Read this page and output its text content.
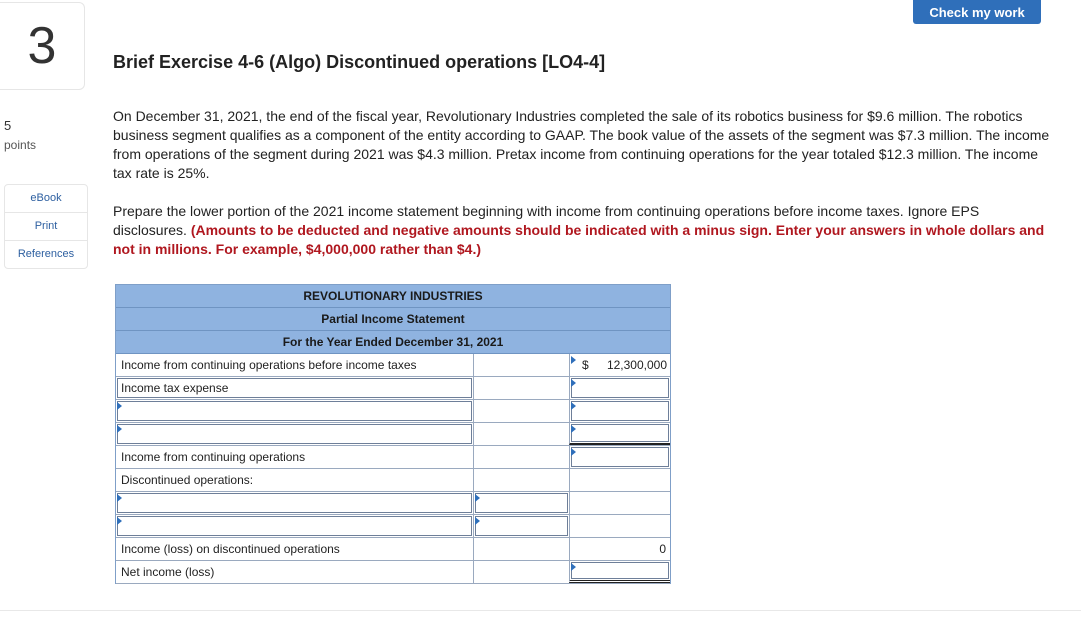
Check my work
3
5
points
eBook
Print
References
Brief Exercise 4-6 (Algo) Discontinued operations [LO4-4]
On December 31, 2021, the end of the fiscal year, Revolutionary Industries completed the sale of its robotics business for $9.6 million. The robotics business segment qualifies as a component of the entity according to GAAP. The book value of the assets of the segment was $7.3 million. The income from operations of the segment during 2021 was $4.3 million. Pretax income from continuing operations for the year totaled $12.3 million. The income tax rate is 25%.
Prepare the lower portion of the 2021 income statement beginning with income from continuing operations before income taxes. Ignore EPS disclosures. (Amounts to be deducted and negative amounts should be indicated with a minus sign. Enter your answers in whole dollars and not in millions. For example, $4,000,000 rather than $4.)
REVOLUTIONARY INDUSTRIES
Partial Income Statement
For the Year Ended December 31, 2021
Income from continuing operations before income taxes	$ 12,300,000
Income tax expense
Income from continuing operations
Discontinued operations:
Income (loss) on discontinued operations	0
Net income (loss)
